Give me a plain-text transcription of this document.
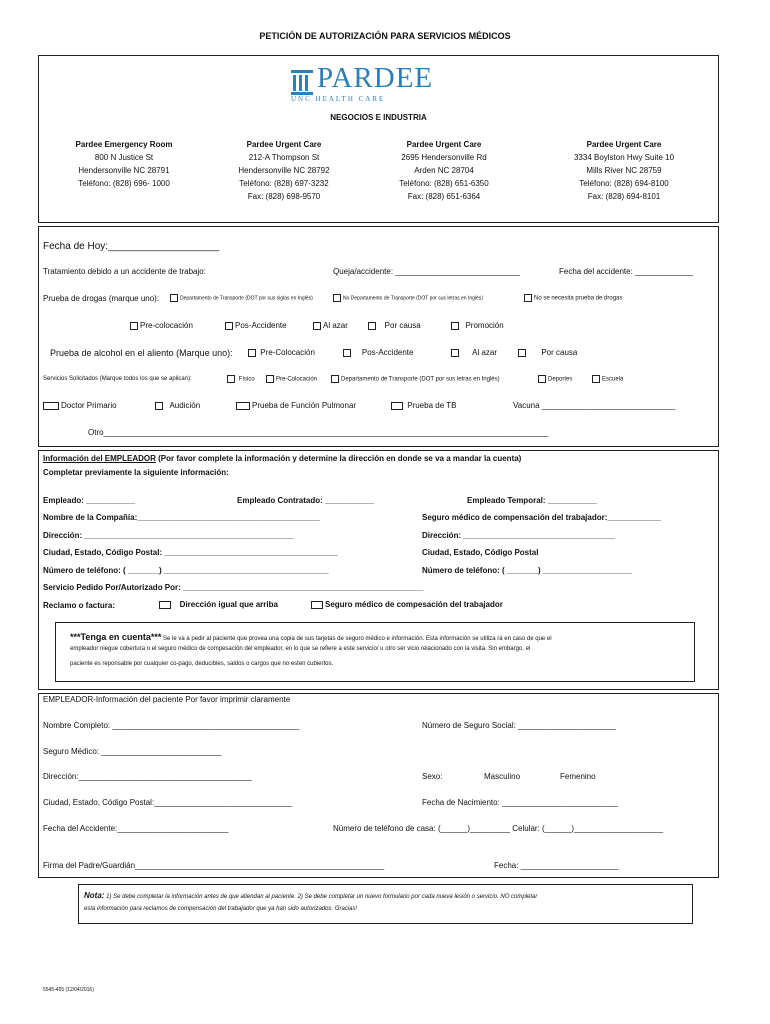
PETICIÓN DE AUTORIZACIÓN PARA SERVICIOS MÉDICOS
PARDEE
UNC HEALTH CARE
NEGOCIOS E INDUSTRIA
Pardee Emergency Room
800 N Justice St
Hendersonville NC 28791
Teléfono: (828) 696- 1000
Pardee Urgent Care
212-A Thompson St
Hendersonville NC 28792
Teléfono: (828) 697-3232
Fax: (828) 698-9570
Pardee Urgent Care
2695 Hendersonville Rd
Arden NC 28704
Teléfono: (828) 651-6350
Fax: (828) 651-6364
Pardee Urgent Care
3334 Boylston Hwy Suite 10
Mills River NC 28759
Teléfono: (828) 694-8100
Fax: (828) 694-8101
Fecha de Hoy:____________________
Tratamiento debido a un accidente de trabajo:	Queja/accidente: ____________________________	Fecha del accidente: _____________
Prueba de drogas (marque uno):	Departamento de Transporte (DOT por sus siglas en Inglés)	No Departamento de Transporte (DOT por sus letras en Inglés)	No se necesita prueba de drogas
Pre-colocación	Pos-Accidente	Al azar	Por causa	Promoción
Prueba de alcohol en el aliento (Marque uno):	Pre-Colocación	Pos-Accidente	Al azar	Por causa
Servicios Solicitados (Marque todos los que se aplican):	Físico	Pre-Colocación	Departamento de Transporte (DOT por sus letras en Inglés)	Deportes	Escuela
Doctor Primario	Audición	Prueba de Función Pulmonar	Prueba de TB	Vacuna ______________________________
Otro____________________________________________________________________________________________________
Información del EMPLEADOR (Por favor complete la información y determine la dirección en donde se va a mandar la cuenta)
Completar previamente la siguiente información:
Empleado: ___________	Empleado Contratado: ___________	Empleado Temporal: ___________
Nombre de la Compañía:_________________________________________	Seguro médico de compensación del trabajador:____________
Dirección: _______________________________________________	Dirección: __________________________________
Ciudad, Estado, Código Postal: _______________________________________	Ciudad, Estado, Código Postal
Número de teléfono: ( _______) _____________________________________	Número de teléfono: ( _______) ____________________
Servicio Pedido Por/Autorizado Por: ______________________________________________________
Reclamo o factura:	Dirección igual que arriba	Seguro médico de compesación del trabajador
***Tenga en cuenta*** Se le va a pedir al paciente que provea una copia de sus tarjetas de seguro médico e información. Esta información se utiliza rá en caso de que el
empleador niegue cobertura o el seguro médico de compesación del empleador, en lo que se refiere a este servicio/ u otro ser vicio relacionado con la visita. Sin embargo, el
paciente es reponsable por cualquier co-pago, deducibles, saldos o cargos que no esten cubiertos.
EMPLEADOR-Información del paciente Por favor imprimir claramente
Nombre Completo: __________________________________________	Número de Seguro Social: ______________________
Seguro Médico: ___________________________
Dirección:_______________________________________	Sexo:	Masculino	Femenino
Ciudad, Estado, Código Postal:_______________________________	Fecha de Nacimiento: __________________________
Fecha del Accidente:_________________________	Número de teléfono de casa: (______)_________ Celular: (______)____________________
Firma del Padre/Guardián________________________________________________________	Fecha: ______________________
Nota: 1) Se debe completar la información antes de que atiendan al paciente. 2) Se debe completar un nuevo formulario por cada nueva lesión o servicio. NO completar
esta información para reclamos de compensación del trabajador que ya han sido autorizados. Gracias!
5545-455 (12/04/2016)
